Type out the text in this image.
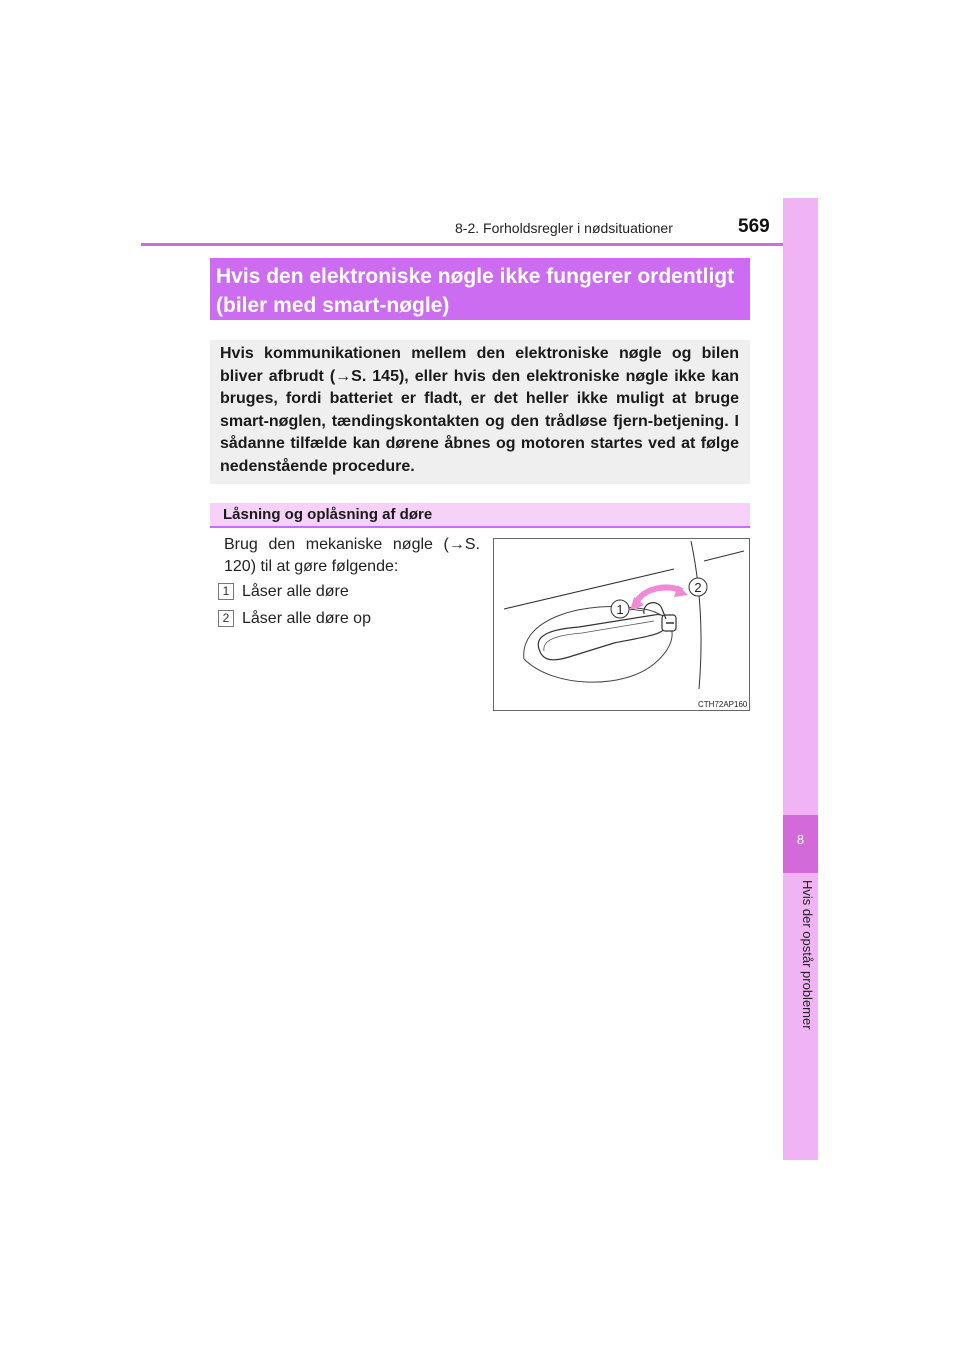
8-2. Forholdsregler i nødsituationer	569
8
Hvis der opstår problemer
Hvis den elektroniske nøgle ikke fungerer ordentligt (biler med smart-nøgle)

Hvis kommunikationen mellem den elektroniske nøgle og bilen bliver afbrudt (→S. 145), eller hvis den elektroniske nøgle ikke kan bruges, fordi batteriet er fladt, er det heller ikke muligt at bruge smart-nøglen, tændingskontakten og den trådløse fjern-betjening. I sådanne tilfælde kan dørene åbnes og motoren startes ved at følge nedenstående procedure.

Låsning og oplåsning af døre

Brug den mekaniske nøgle (→S. 120) til at gøre følgende:

1 Låser alle døre
2 Låser alle døre op
1
2
CTH72AP160
